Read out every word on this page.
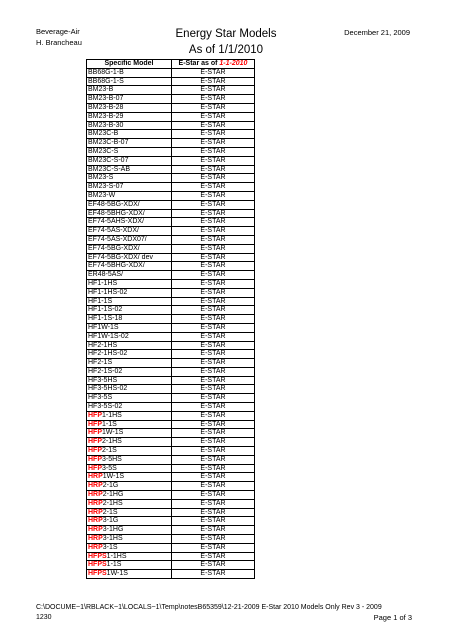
Beverage-Air
H. Brancheau
Energy Star Models
As of 1/1/2010
December 21, 2009
Specific Model	E-Star as of 1-1-2010
BB68G-1-B	E-STAR
BB68G-1-S	E-STAR
BM23-B	E-STAR
BM23-B-07	E-STAR
BM23-B-28	E-STAR
BM23-B-29	E-STAR
BM23-B-30	E-STAR
BM23C-B	E-STAR
BM23C-B-07	E-STAR
BM23C-S	E-STAR
BM23C-S-07	E-STAR
BM23C-S-AB	E-STAR
BM23-S	E-STAR
BM23-S-07	E-STAR
BM23-W	E-STAR
EF48-5BG-XDX/	E-STAR
EF48-5BHG-XDX/	E-STAR
EF74-5AHS-XDX/	E-STAR
EF74-5AS-XDX/	E-STAR
EF74-5AS-XDX07/	E-STAR
EF74-5BG-XDX/	E-STAR
EF74-5BG-XDX/ dev	E-STAR
EF74-5BHG-XDX/	E-STAR
ER48-5AS/	E-STAR
HF1-1HS	E-STAR
HF1-1HS-02	E-STAR
HF1-1S	E-STAR
HF1-1S-02	E-STAR
HF1-1S-18	E-STAR
HF1W-1S	E-STAR
HF1W-1S-02	E-STAR
HF2-1HS	E-STAR
HF2-1HS-02	E-STAR
HF2-1S	E-STAR
HF2-1S-02	E-STAR
HF3-5HS	E-STAR
HF3-5HS-02	E-STAR
HF3-5S	E-STAR
HF3-5S-02	E-STAR
HFP1-1HS	E-STAR
HFP1-1S	E-STAR
HFP1W-1S	E-STAR
HFP2-1HS	E-STAR
HFP2-1S	E-STAR
HFP3-5HS	E-STAR
HFP3-5S	E-STAR
HRP1W-1S	E-STAR
HRP2-1G	E-STAR
HRP2-1HG	E-STAR
HRP2-1HS	E-STAR
HRP2-1S	E-STAR
HRP3-1G	E-STAR
HRP3-1HG	E-STAR
HRP3-1HS	E-STAR
HRP3-1S	E-STAR
HFPS1-1HS	E-STAR
HFPS1-1S	E-STAR
HFPS1W-1S	E-STAR
C:\DOCUME~1\RBLACK~1\LOCALS~1\Temp\notesB65359\12-21-2009 E-Star 2010 Models Only Rev 3 - 2009
1230	Page 1 of 3
